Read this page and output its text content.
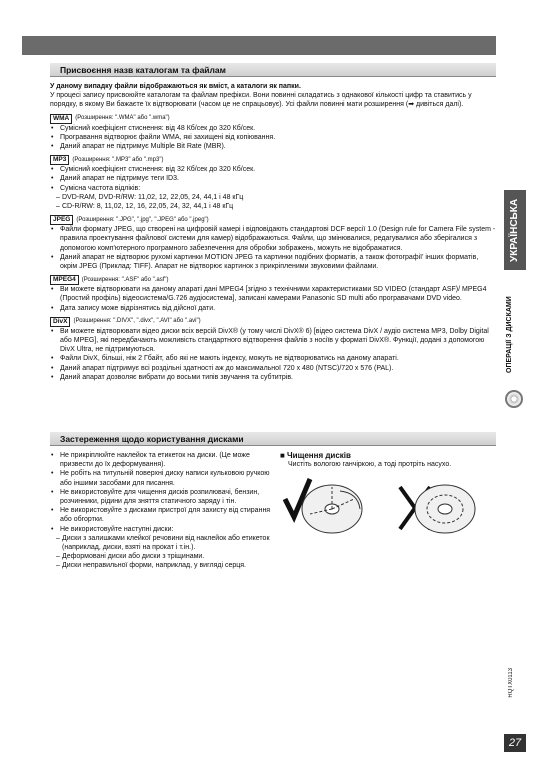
Присвоєння назв каталогам та файлам
У даному випадку файли відображаються як вміст, а каталоги як папки.
У процесі запису присвоюйте каталогам та файлам префікси. Вони повинні складатись з однакової кількості цифр та ставитись у порядку, в якому Ви бажаєте їх відтворювати (часом це не спрацьовує). Усі файли повинні мати розширення (➡ дивіться далі).
WMA	(Розширення: ".WMA" або ".wma")
• Сумісний коефіцієнт стиснення: від 48 Кб/сек до 320 Кб/сек.
• Програвання відтворює файли WMA, які захищені від копіювання.
• Даний апарат не підтримує Multiple Bit Rate (MBR).
MP3	(Розширення: ".MP3" або ".mp3")
• Сумісний коефіцієнт стиснення: від 32 Кб/сек до 320 Кб/сек.
• Даний апарат не підтримує теги ID3.
• Сумісна частота відліків:
– DVD-RAM, DVD-R/RW: 11,02, 12, 22,05, 24, 44,1 і 48 кГц
– CD-R/RW: 8, 11,02, 12, 16, 22,05, 24, 32, 44,1 і 48 кГц
JPEG	(Розширення: ".JPG", ".jpg", ".JPEG" або ".jpeg")
• Файли формату JPEG, що створені на цифровій камері і відповідають стандартові DCF версії 1.0 (Design rule for Camera File system - правила проектування файлової системи для камер) відображаються. Файли, що змінювалися, редагувалися або зберігалися з допомогою комп'ютерного програмного забезпечення для обробки зображень, можуть не відображатися.
• Даний апарат не відтворює рухомі картинки MOTION JPEG та картинки подібних форматів, а також фотографії' інших форматів, окрім JPEG (Приклад: TIFF). Апарат не відтворює картинок з прикріпленими звуковими файлами.
MPEG4	(Розширення: ".ASF" або ".asf")
• Ви можете відтворювати на даному апараті дані MPEG4 [згідно з технічними характеристиками SD VIDEO (стандарт ASF)/ MPEG4 (Простий профіль) відеосистема/G.726 аудіосистема], записані камерами Panasonic SD multi або програвачами DVD video.
• Дата запису може відрізнятись від дійсної дати.
DivX	(Розширення: ".DIVX", ".divx", ".AVI" або ".avi")
• Ви можете відтворювати відео диски всіх версій DivX® (у тому числі DivX® 6) [відео система DivX / аудіо система MP3, Dolby Digital або MPEG], які передбачають можливість стандартного відтворення файлів з носіїв у форматі DivX®. Функції, додані з допомогою DivX Ultra, не підтримуються.
• Файли DivX, більші, ніж 2 Гбайт, або які не мають індексу, можуть не відтворюватись на даному апараті.
• Даний апарат підтримує всі роздільні здатності аж до максимальної 720 x 480 (NTSC)/720 x 576 (PAL).
• Даний апарат дозволяє вибрати до восьми типів звучання та субтитрів.
Застереження щодо користування дисками
• Не прикріплюйте наклейок та етикеток на диски. (Це може призвести до їх деформування).
• Не робіть на титульній поверхні диску написи кульковою ручкою або іншими засобами для писання.
• Не використовуйте для чищення дисків розпилювачі, бензин, розчинники, рідини для зняття статичного заряду і тін.
• Не використовуйте з дисками пристрої для захисту від стирання або обгортки.
• Не використовуйте наступні диски:
– Диски з залишками клейкої речовини від наклейок або етикеток (наприклад, диски, взяті на прокат і т.ін.).
– Деформовані диски або диски з тріщинами.
– Диски неправильної форми, наприклад, у вигляді серця.
■ Чищення дисків
Чистіть вологою ганчіркою, а тоді протріть насухо.
УКРАЇНСЬКА
ОПЕРАЦІЇ З ДИСКАМИ
RQTX0113
27
